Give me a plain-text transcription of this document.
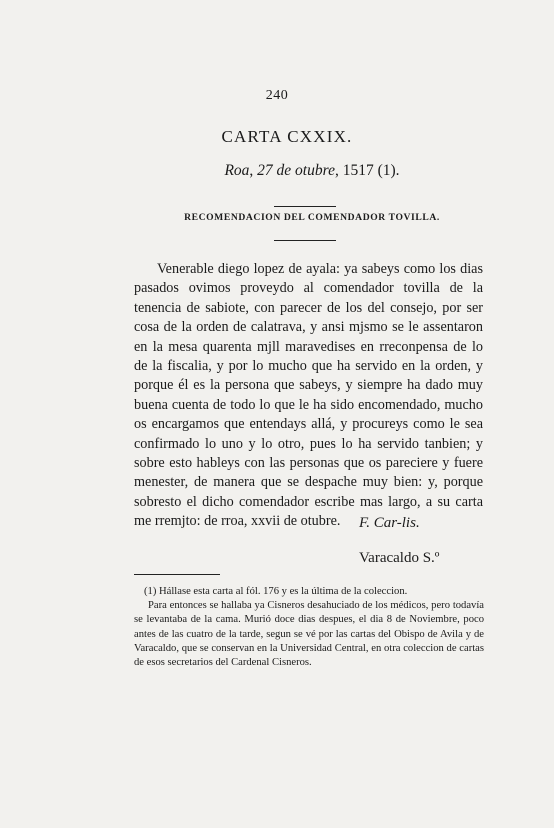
240
CARTA CXXIX.
Roa, 27 de otubre, 1517 (1).
RECOMENDACION DEL COMENDADOR TOVILLA.

Venerable diego lopez de ayala: ya sabeys como los dias pasados ovimos proveydo al comendador tovilla de la tenencia de sabiote, con parecer de los del consejo, por ser cosa de la orden de calatrava, y ansi mjsmo se le assentaron en la mesa quarenta mjll maravedises en rreconpensa de lo de la fiscalia, y por lo mucho que ha servido en la orden, y porque él es la persona que sabeys, y siempre ha dado muy buena cuenta de todo lo que le ha sido encomendado, mucho os encargamos que entendays allá, y procureys como le sea confirmado lo uno y lo otro, pues lo ha servido tanbien; y sobre esto hableys con las personas que os pareciere y fuere menester, de manera que se despache muy bien: y, porque sobresto el dicho comendador escribe mas largo, a su carta me rremjto: de rroa, xxvii de otubre.	F. Car-lis.
Varacaldo S.º

(1) Hállase esta carta al fól. 176 y es la última de la coleccion.

Para entonces se hallaba ya Cisneros desahuciado de los médicos, pero todavía se levantaba de la cama. Murió doce dias despues, el dia 8 de Noviembre, poco antes de las cuatro de la tarde, segun se vé por las cartas del Obispo de Avila y de Varacaldo, que se conservan en la Universidad Central, en otra coleccion de cartas de esos secretarios del Cardenal Cisneros.
